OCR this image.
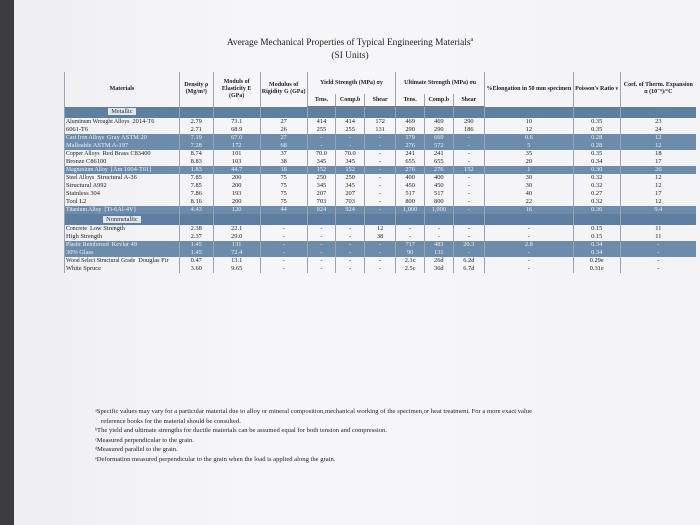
Average Mechanical Properties of Typical Engineering Materials$^a$
(SI Units)
Materials	Density ρ (Mg/m³)	Moduls of Elasticity E (GPa)	Modulus of Rigidity G (GPa)	Yield Strength (MPa) σy			Ultimate Strength (MPa) σu			%Elongation in 50 mm specimen	Poisson's Ratio ν	Coef. of Therm. Expansion α (10⁻⁶)/°C
				Tens.	Comp.b	Shear	Tens.	Comp.b	Shear			
Metallic												
Aluminum Wrought Alloys 2014-T6	2.79	73.1	27	414	414	172	469	469	290	10	0.35	23
6061-T6	2.71	68.9	26	255	255	131	290	290	186	12	0.35	24
Cast Iron Alloys Gray ASTM 20	7.19	67.0	27	-	-	-	179	669	-	0.6	0.28	12
Malleable ASTM A-197	7.28	172	68	-	-	-	276	572	-	5	0.28	12
Copper Alloys Red Brass C83400	8.74	101	37	70.0	70.0	-	241	241	-	35	0.35	18
Bronze C86100	8.83	103	38	345	345	-	655	655	-	20	0.34	17
Magnesium Alloy [Am 1004-T61]	1.83	44.7	18	152	152	-	276	276	152	1	0.30	26
Steel Alloys Structural A-36	7.85	200	75	250	250	-	400	400	-	30	0.32	12
Structural A992	7.85	200	75	345	345	-	450	450	-	30	0.32	12
Stainless 304	7.86	193	75	207	207	-	517	517	-	40	0.27	17
Tool L2	8.16	200	75	703	703	-	800	800	-	22	0.32	12
Titanium Alloy [Ti-6Al-4V]	4.43	120	44	924	924	-	1,000	1,000	-	16	0.36	9.4
Nonmetallic												
Concrete Low Strength	2.38	22.1	-	-	-	12	-	-	-	-	0.15	11
High Strength	2.37	29.0	-	-	-	38	-	-	-	-	0.15	11
Plastic Reinforced Kevlar 49	1.45	131	-	-	-	-	717	483	20.3	2.8	0.34	-
30% Glass	1.45	72.4	-	-	-	-	90	131	-	-	0.34	-
Wood Select Structural Grade Douglas Fir	0.47	13.1	-	-	-	-	2.1c	26d	6.2d	-	0.29e	-
White Spruce	3.60	9.65	-	-	-	-	2.5c	36d	6.7d	-	0.31e	-
ᵃSpecific values may vary for a particular material due to alloy or mineral composition,mechanical working of the specimen,or heat treatment. For a more exact value
reference books for the material should be consulted.
ᵇThe yield and ultimate strengths for ductile materials can be assumed equal for both tension and compression.
ᶜMeasured perpendicular to the grain.
ᵈMeasured parallel to the grain.
ᵉDeformation measured perpendicular to the grain when the load is applied along the grain.
